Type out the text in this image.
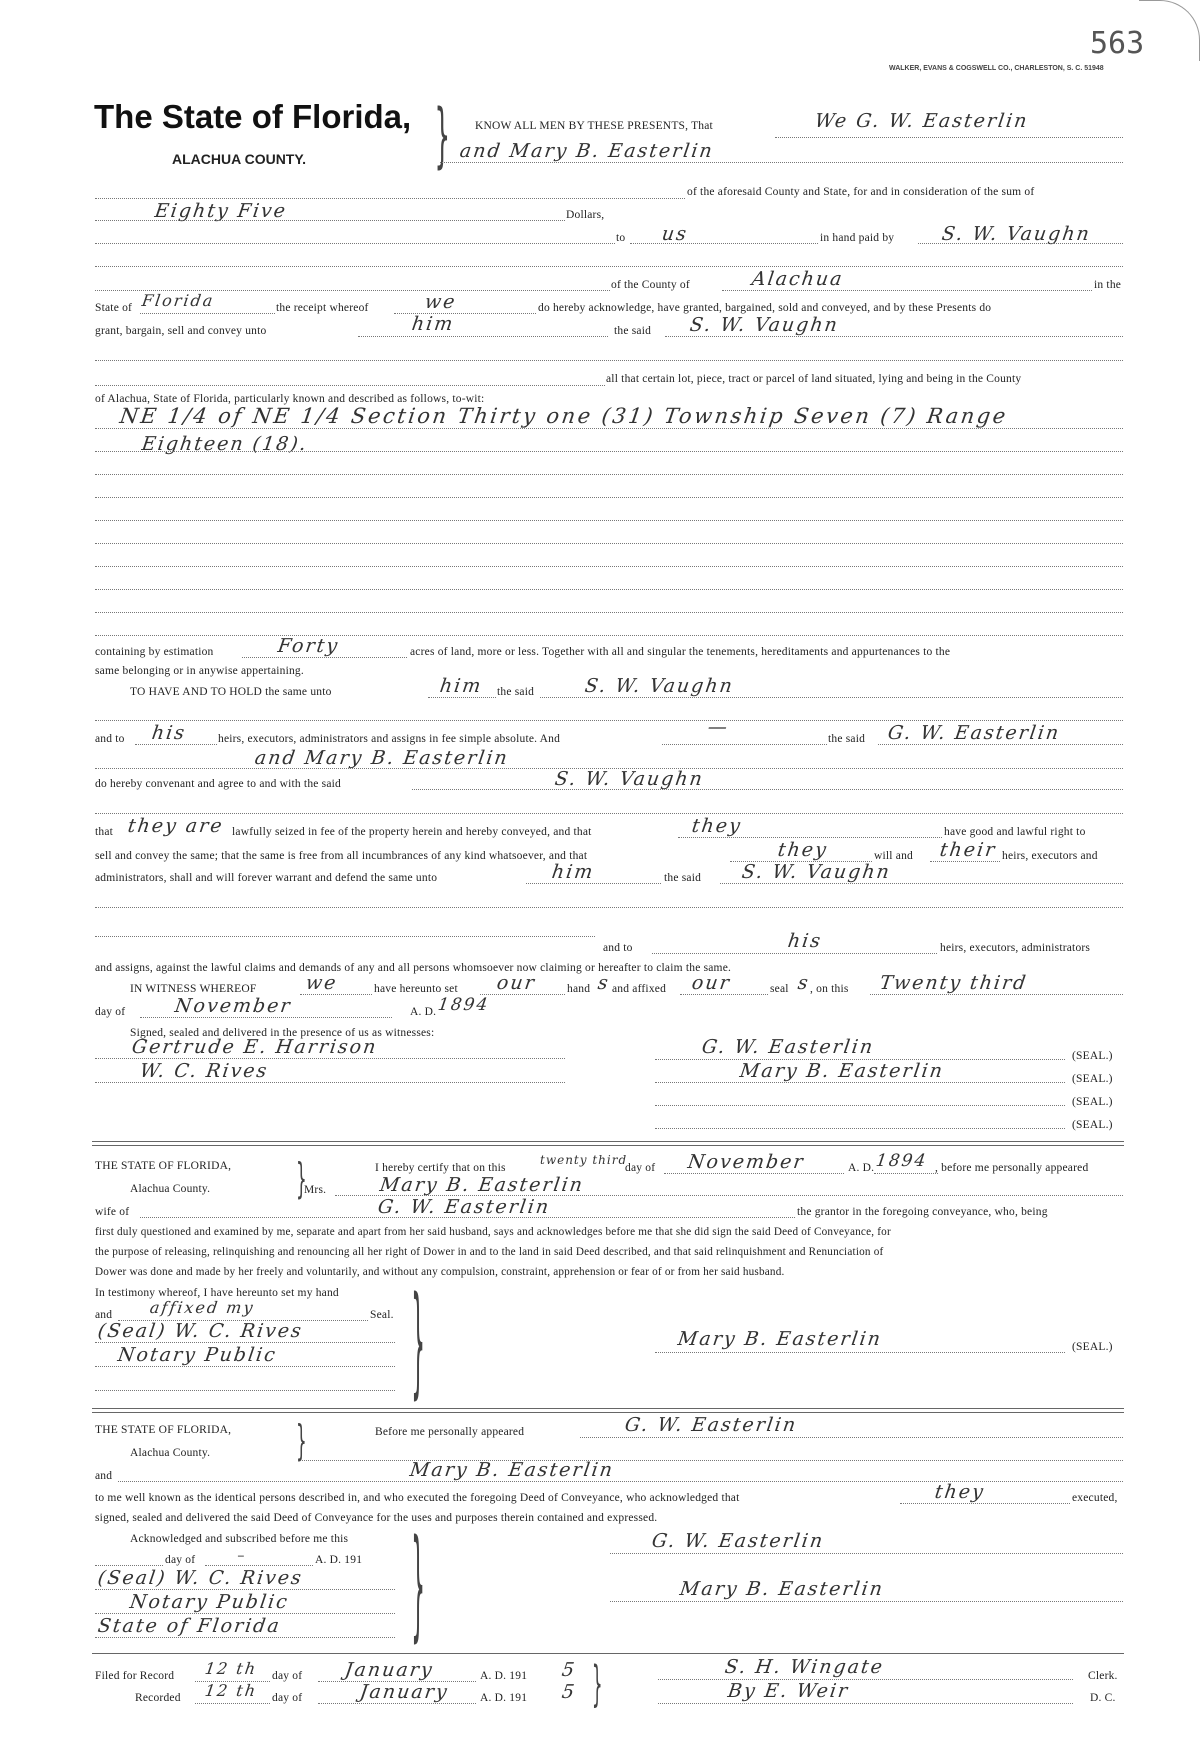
563
WALKER, EVANS & COGSWELL CO., CHARLESTON, S. C. 51948
The State of Florida,
ALACHUA COUNTY. } KNOW ALL MEN BY THESE PRESENTS, That	We G. W. Easterlin
and Mary B. Easterlin
of the aforesaid County and State, for and in consideration of the sum of
Eighty Five	Dollars,
to us	in hand paid by S. W. Vaughn
of the County of	Alachua	in the
State of Florida	the receipt whereof	we	do hereby acknowledge, have granted, bargained, sold and conveyed, and by these Presents do
grant, bargain, sell and convey unto	him	the said S. W. Vaughn
all that certain lot, piece, tract or parcel of land situated, lying and being in the County
of Alachua, State of Florida, particularly known and described as follows, to-wit:
NE 1/4 of NE 1/4 Section Thirty one (31) Township Seven (7) Range
Eighteen (18).
containing by estimation	Forty	acres of land, more or less. Together with all and singular the tenements, hereditaments and appurtenances to the
same belonging or in anywise appertaining.
TO HAVE AND TO HOLD the same unto	him the said	S. W. Vaughn
and to his	heirs, executors, administrators and assigns in fee simple absolute. And
—
the said G. W. Easterlin
and Mary B. Easterlin
do hereby convenant and agree to and with the said	S. W. Vaughn
that they are lawfully seized in fee of the property herein and hereby conveyed, and that	they	have good and lawful right to
sell and convey the same; that the same is free from all incumbrances of any kind whatsoever, and that	they	will and their heirs, executors and
administrators, shall and will forever warrant and defend the same unto	him	the said S. W. Vaughn
and to	his	heirs, executors, administrators
and assigns, against the lawful claims and demands of any and all persons whomsoever now claiming or hereafter to claim the same.
IN WITNESS WHEREOF	we	have hereunto set our	hand s and affixed our	seal s
, on this Twenty third
day of	November	A. D. 1894
Signed, sealed and delivered in the presence of us as witnesses:
Gertrude E. Harrison
W. C. Rives
G. W. Easterlin	(SEAL.)
Mary B. Easterlin	(SEAL.)
(SEAL.)
(SEAL.)
THE STATE OF FLORIDA,
Alachua County. }	I hereby certify that on this
twenty third
day of November	A. D. 1894 , before me personally appeared
Mrs.	Mary B. Easterlin
wife of	G. W. Easterlin	the grantor in the foregoing conveyance, who, being
first duly questioned and examined by me, separate and apart from her said husband, says and acknowledges before me that she did sign the said Deed of Conveyance, for
the purpose of releasing, relinquishing and renouncing all her right of Dower in and to the land in said Deed described, and that said relinquishment and Renunciation of
Dower was done and made by her freely and voluntarily, and without any compulsion, constraint, apprehension or fear of or from her said husband.
In testimony whereof, I have hereunto set my hand
and affixed my	Seal.
(Seal) W. C. Rives
Notary Public }	Mary B. Easterlin	(SEAL.)
THE STATE OF FLORIDA,
Alachua County. }	Before me personally appeared	G. W. Easterlin
and	Mary B. Easterlin
to me well known as the identical persons described in, and who executed the foregoing Deed of Conveyance, who acknowledged that	they	executed,
signed, sealed and delivered the said Deed of Conveyance for the uses and purposes therein contained and expressed.
Acknowledged and subscribed before me this
day of	–	A. D. 191
(Seal) W. C. Rives
Notary Public
State of Florida }	G. W. Easterlin
Mary B. Easterlin
Filed for Record 12 th day of January	A. D. 191 5
Recorded 12 th day of	January	A. D. 191 5 }	S. H. Wingate	Clerk.
By E. Weir	D. C.
